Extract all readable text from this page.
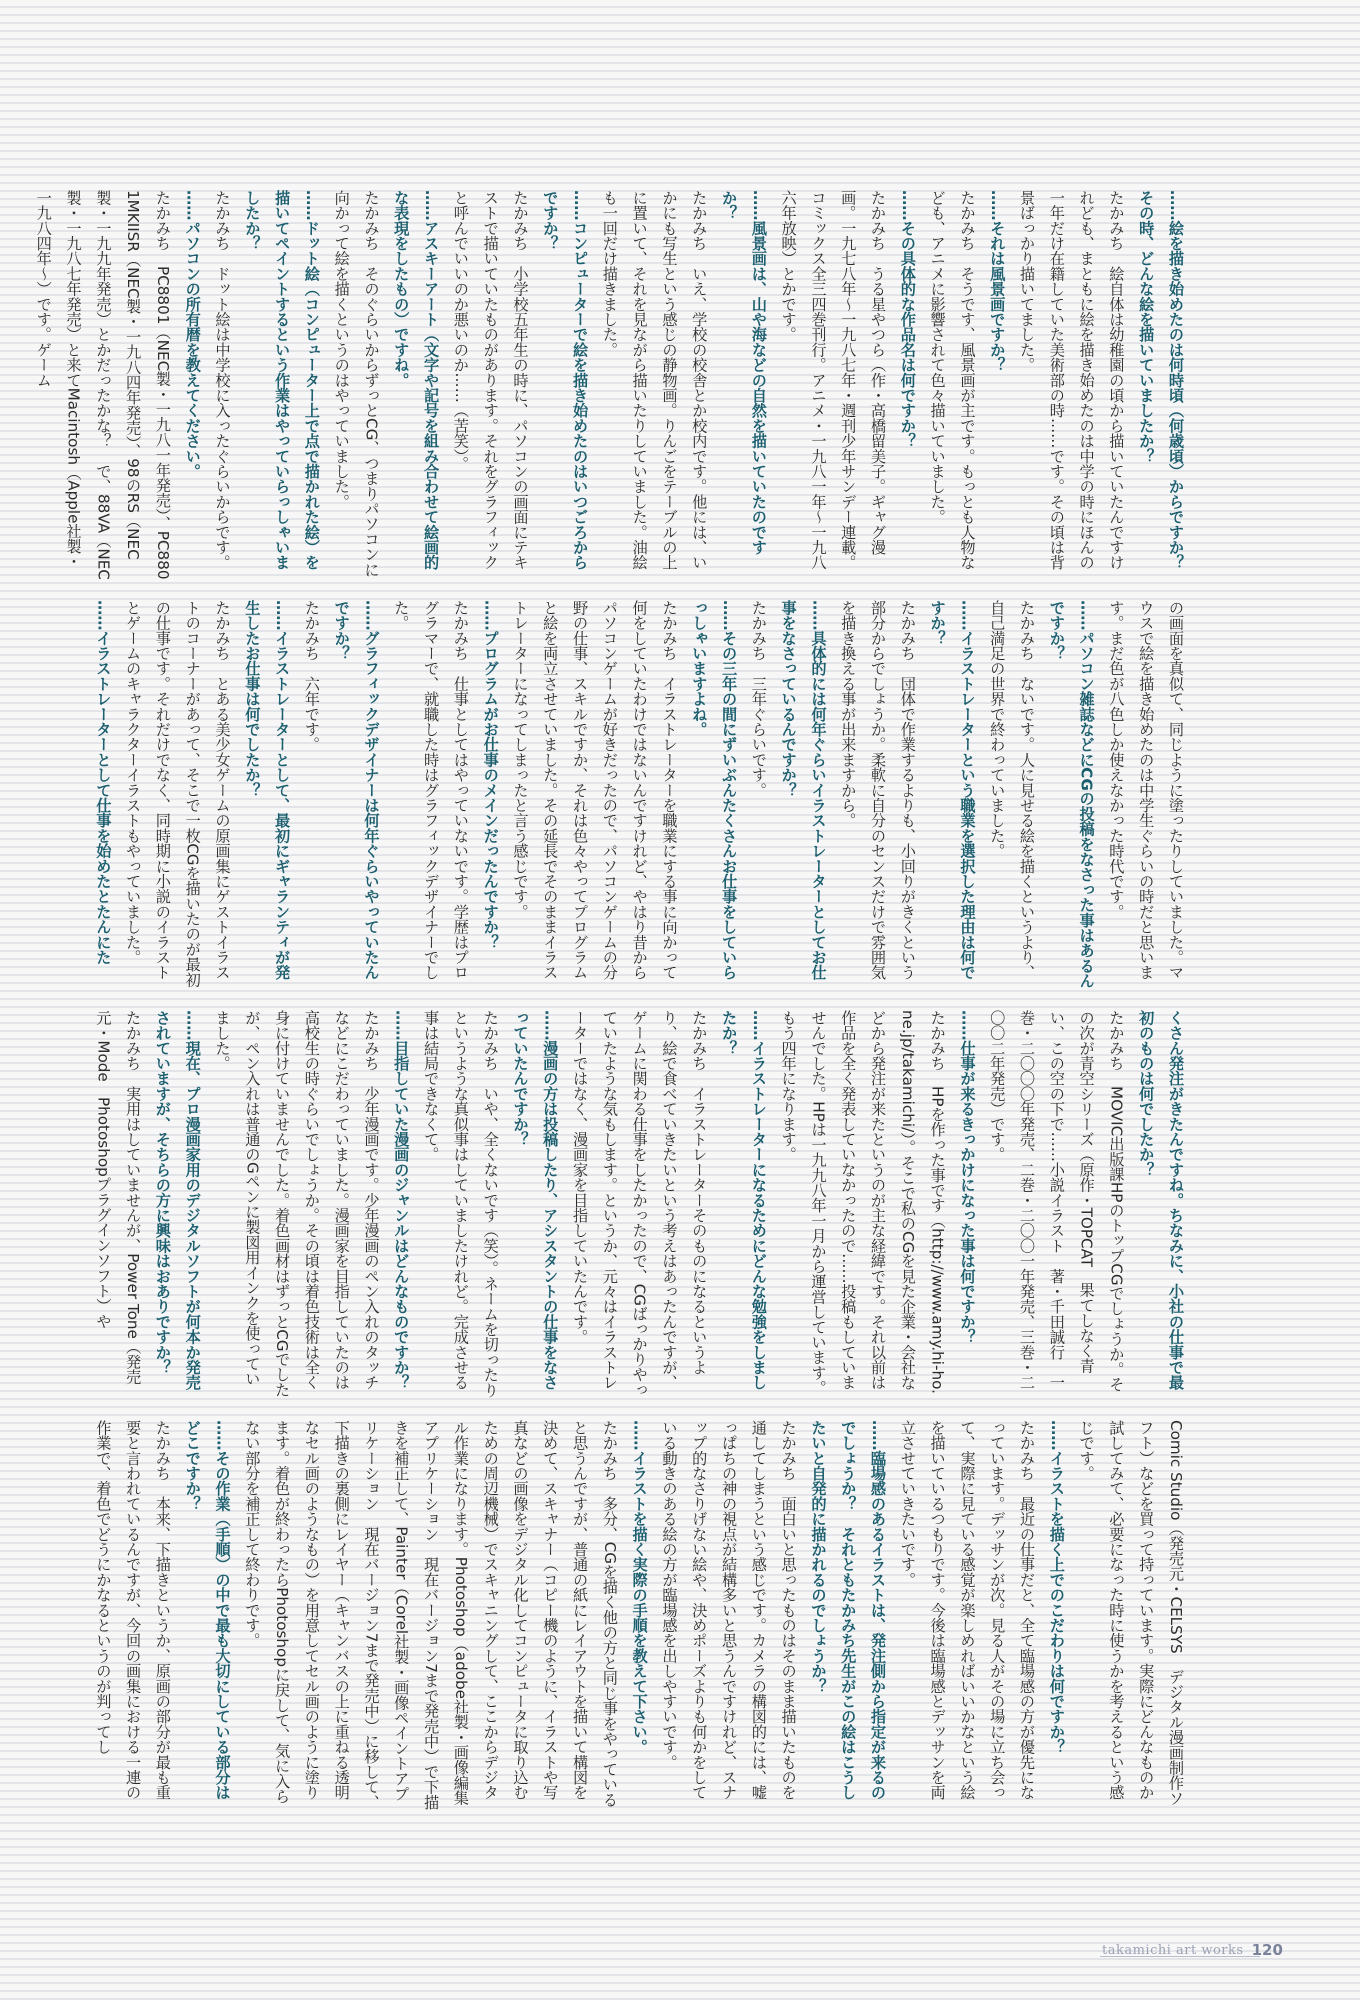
……絵を描き始めたのは何時頃（何歳頃）からですか？　その時、どんな絵を描いていましたか？
たかみち　絵自体は幼稚園の頃から描いていたんですけれども、まともに絵を描き始めたのは中学の時にほんの一年だけ在籍していた美術部の時……です。その頃は背景ばっかり描いてました。
……それは風景画ですか？
たかみち　そうです、風景画が主です。もっとも人物なども、アニメに影響されて色々描いていました。
……その具体的な作品名は何ですか？
たかみち　うる星やつら（作・高橋留美子。ギャグ漫画。一九七八年〜一九八七年・週刊少年サンデー連載。コミックス全三四巻刊行。アニメ・一九八一年〜一九八六年放映）とかです。
……風景画は、山や海などの自然を描いていたのですか？
たかみち　いえ、学校の校舎とか校内です。他には、いかにも写生という感じの静物画。りんごをテーブルの上に置いて、それを見ながら描いたりしていました。油絵も一回だけ描きました。
……コンピューターで絵を描き始めたのはいつごろからですか？
たかみち　小学校五年生の時に、パソコンの画面にテキストで描いていたものがあります。それをグラフィックと呼んでいいのか悪いのか……（苦笑）。
……アスキーアート（文字や記号を組み合わせて絵画的な表現をしたもの）ですね。
たかみち　そのぐらいからずっとCG、つまりパソコンに向かって絵を描くというのはやっていました。
……ドット絵（コンピューター上で点で描かれた絵）を描いてペイントするという作業はやっていらっしゃいましたか？
たかみち　ドット絵は中学校に入ったぐらいからです。
……パソコンの所有暦を教えてください。
たかみち　PC8801（NEC製・一九八一年発売）、PC8801MKIISR（NEC製・一九八四年発売）、98のRS（NEC製・一九九年発売）とかだったかな？　で、88VA（NEC製・一九八七年発売）と来てMacintosh（Apple社製・一九八四年〜）です。ゲーム
の画面を真似て、同じように塗ったりしていました。マウスで絵を描き始めたのは中学生ぐらいの時だと思います。まだ色が八色しか使えなかった時代です。
……パソコン雑誌などにCGの投稿をなさった事はあるんですか？
たかみち　ないです。人に見せる絵を描くというより、自己満足の世界で終わっていました。
……イラストレーターという職業を選択した理由は何ですか？
たかみち　団体で作業するよりも、小回りがきくという部分からでしょうか。柔軟に自分のセンスだけで雰囲気を描き換える事が出来ますから。
……具体的には何年ぐらいイラストレーターとしてお仕事をなさっているんですか？
たかみち　三年ぐらいです。
……その三年の間にずいぶんたくさんお仕事をしていらっしゃいますよね。
たかみち　イラストレーターを職業にする事に向かって何をしていたわけではないんですけれど、やはり昔からパソコンゲームが好きだったので、パソコンゲームの分野の仕事、スキルですか、それは色々やってプログラムと絵を両立させていました。その延長でそのままイラストレーターになってしまったと言う感じです。
……プログラムがお仕事のメインだったんですか？
たかみち　仕事としてはやっていないです。学歴はプログラマーで、就職した時はグラフィックデザイナーでした。
……グラフィックデザイナーは何年ぐらいやっていたんですか？
たかみち　六年です。
……イラストレーターとして、最初にギャランティが発生したお仕事は何でしたか？
たかみち　とある美少女ゲームの原画集にゲストイラストのコーナーがあって、そこで一枚CGを描いたのが最初の仕事です。それだけでなく、同時期に小説のイラストとゲームのキャラクターイラストもやっていました。
……イラストレーターとして仕事を始めたとたんにた
くさん発注がきたんですね。ちなみに、小社の仕事で最初のものは何でしたか？
たかみち　MOVIC出版課HPのトップCGでしょうか。その次が青空シリーズ（原作・TOPCAT　果てしなく青い、この空の下で……小説イラスト　著・千田誠行　一巻・二〇〇〇年発売、二巻・二〇〇一年発売、三巻・二〇〇二年発売）です。
……仕事が来るきっかけになった事は何ですか？
たかみち　HPを作った事です（http://www.amy.hi-ho.ne.jp/takamichi/）。そこで私のCGを見た企業・会社などから発注が来たというのが主な経緯です。それ以前は作品を全く発表していなかったので……投稿もしていませんでした。HPは一九九八年一月から運営しています。もう四年になります。
……イラストレーターになるためにどんな勉強をしましたか？
たかみち　イラストレーターそのものになるというより、絵で食べていきたいという考えはあったんですが、ゲームに関わる仕事をしたかったので、CGばっかりやっていたような気もします。というか、元々はイラストレーターではなく、漫画家を目指していたんです。
……漫画の方は投稿したり、アシスタントの仕事をなさっていたんですか？
たかみち　いや、全くないです（笑）。ネームを切ったりというような真似事はしていましたけれど。完成させる事は結局できなくて。
……目指していた漫画のジャンルはどんなものですか？
たかみち　少年漫画です。少年漫画のペン入れのタッチなどにこだわっていました。漫画家を目指していたのは高校生の時ぐらいでしょうか。その頃は着色技術は全く身に付けていませんでした。着色画材はずっとCGでしたが、ペン入れは普通のGペンに製図用インクを使っていました。
……現在、プロ漫画家用のデジタルソフトが何本か発売されていますが、そちらの方に興味はおありですか？
たかみち　実用はしていませんが、Power Tone（発売元・Mode　Photoshopプラグインソフト）や
Comic Studio（発売元・CELSYS　デジタル漫画制作ソフト）などを買って持っています。実際にどんなものか試してみて、必要になった時に使うかを考えるという感じです。
……イラストを描く上でのこだわりは何ですか？
たかみち　最近の仕事だと、全て臨場感の方が優先になっています。デッサンが次。見る人がその場に立ち会って、実際に見ている感覚が楽しめればいいかなという絵を描いているつもりです。今後は臨場感とデッサンを両立させていきたいです。
……臨場感のあるイラストは、発注側から指定が来るのでしょうか？　それともたかみち先生がこの絵はこうしたいと自発的に描かれるのでしょうか？
たかみち　面白いと思ったものはそのまま描いたものを通してしまうという感じです。カメラの構図的には、嘘っぱちの神の視点が結構多いと思うんですけれど、スナップ的なさりげない絵や、決めポーズよりも何かをしている動きのある絵の方が臨場感を出しやすいです。
……イラストを描く実際の手順を教えて下さい。
たかみち　多分、CGを描く他の方と同じ事をやっていると思うんですが、普通の紙にレイアウトを描いて構図を決めて、スキャナー（コピー機のように、イラストや写真などの画像をデジタル化してコンピュータに取り込むための周辺機械）でスキャニングして、ここからデジタル作業になります。Photoshop（adobe社製・画像編集アプリケーション　現在バージョン7まで発売中）で下描きを補正して、Painter（Corel社製・画像ペイントアプリケーション　現在バージョン7まで発売中）に移して、下描きの裏側にレイヤー（キャンバスの上に重ねる透明なセル画のようなもの）を用意してセル画のように塗ります。着色が終わったらPhotoshopに戻して、気に入らない部分を補正して終わりです。
……その作業（手順）の中で最も大切にしている部分はどこですか？
たかみち　本来、下描きというか、原画の部分が最も重要と言われているんですが、今回の画集における一連の作業で、着色でどうにかなるというのが判ってし
takamichi art works 120
